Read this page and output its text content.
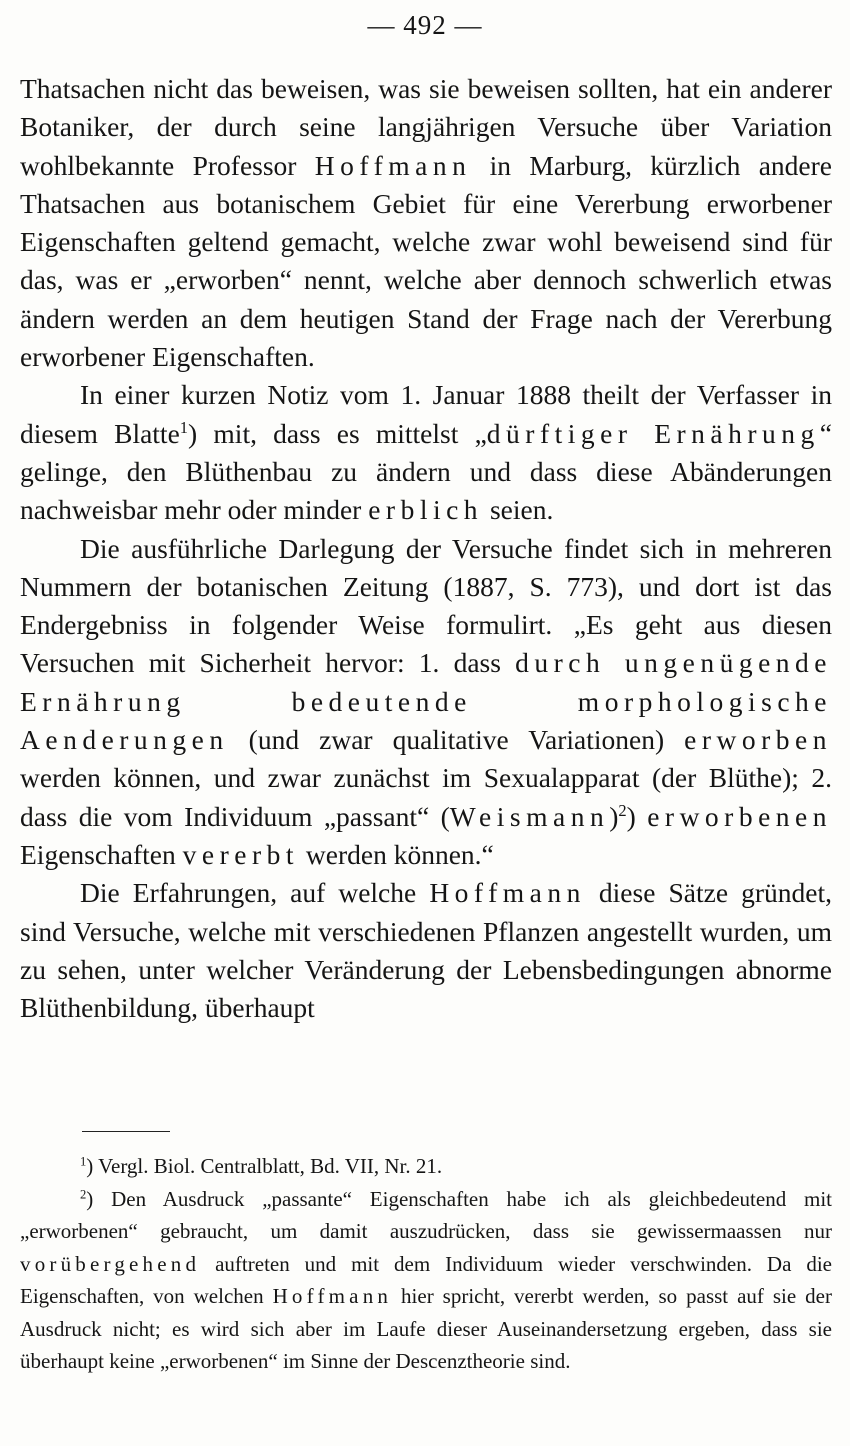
— 492 —

Thatsachen nicht das beweisen, was sie beweisen sollten, hat ein anderer Botaniker, der durch seine langjährigen Versuche über Variation wohlbekannte Professor Hoffmann in Marburg, kürzlich andere Thatsachen aus botanischem Gebiet für eine Vererbung erworbener Eigenschaften geltend gemacht, welche zwar wohl beweisend sind für das, was er „erworben“ nennt, welche aber dennoch schwerlich etwas ändern werden an dem heutigen Stand der Frage nach der Vererbung erworbener Eigenschaften.

In einer kurzen Notiz vom 1. Januar 1888 theilt der Verfasser in diesem Blatte$^1$) mit, dass es mittelst „dürftiger Ernährung“ gelinge, den Blüthenbau zu ändern und dass diese Abänderungen nachweisbar mehr oder minder erblich seien.

Die ausführliche Darlegung der Versuche findet sich in mehreren Nummern der botanischen Zeitung (1887, S. 773), und dort ist das Endergebniss in folgender Weise formulirt. „Es geht aus diesen Versuchen mit Sicherheit hervor: 1. dass durch ungenügende Ernährung bedeutende morphologische Aenderungen (und zwar qualitative Variationen) erworben werden können, und zwar zunächst im Sexualapparat (der Blüthe); 2. dass die vom Individuum „passant“ (Weismann)$^2$) erworbenen Eigenschaften vererbt werden können.“

Die Erfahrungen, auf welche Hoffmann diese Sätze gründet, sind Versuche, welche mit verschiedenen Pflanzen angestellt wurden, um zu sehen, unter welcher Veränderung der Lebensbedingungen abnorme Blüthenbildung, überhaupt

$^1$) Vergl. Biol. Centralblatt, Bd. VII, Nr. 21.

$^2$) Den Ausdruck „passante“ Eigenschaften habe ich als gleichbedeutend mit „erworbenen“ gebraucht, um damit auszudrücken, dass sie gewissermaassen nur vorübergehend auftreten und mit dem Individuum wieder verschwinden. Da die Eigenschaften, von welchen Hoffmann hier spricht, vererbt werden, so passt auf sie der Ausdruck nicht; es wird sich aber im Laufe dieser Auseinandersetzung ergeben, dass sie überhaupt keine „erworbenen“ im Sinne der Descenztheorie sind.
